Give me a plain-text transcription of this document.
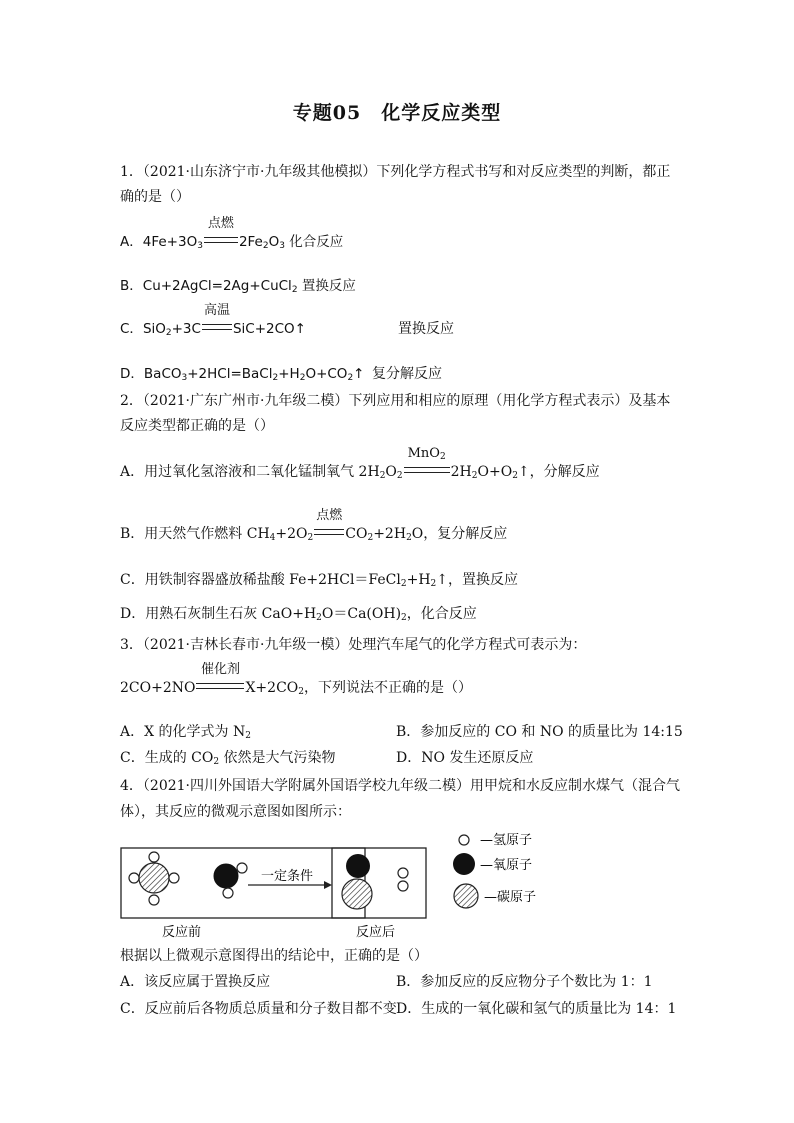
专题05　化学反应类型
1．（2021·山东济宁市·九年级其他模拟）下列化学方程式书写和对反应类型的判断，都正
确的是（）
A．$4Fe+3O_3$
点燃
$2Fe_2O_3$ 化合反应
B．Cu+2AgCl=2Ag+CuCl$_2$ 置换反应
C．SiO$_2$+3C
高温
SiC+2CO↑	置换反应
D．$BaCO_3+2HCl=BaCl_2+H_2O+CO_2↑$ 复分解反应
2．（2021·广东广州市·九年级二模）下列应用和相应的原理（用化学方程式表示）及基本
反应类型都正确的是（）
A．用过氧化氢溶液和二氧化锰制氧气 $2H_2O_2$
MnO$_2$
$2H_2O+O_2↑$，分解反应
B．用天然气作燃料 $CH_4+2O_2$
点燃
$CO_2+2H_2O$，复分解反应
C．用铁制容器盛放稀盐酸 $Fe+2HCl=FeCl_2+H_2↑$，置换反应
D．用熟石灰制生石灰 $CaO+H_2O=Ca(OH)_2$，化合反应
3．（2021·吉林长春市·九年级一模）处理汽车尾气的化学方程式可表示为：
2CO+2NO
催化剂
$X+2CO_2$，下列说法不正确的是（）
A．X 的化学式为 $N_2$	B．参加反应的 CO 和 NO 的质量比为 14:15
C．生成的 $CO_2$ 依然是大气污染物	D．NO 发生还原反应
4．（2021·四川外国语大学附属外国语学校九年级二模）用甲烷和水反应制水煤气（混合气
体），其反应的微观示意图如图所示：
一定条件
反应前	反应后
—氢原子
—氧原子
—碳原子
根据以上微观示意图得出的结论中，正确的是（）
A．该反应属于置换反应	B．参加反应的反应物分子个数比为 1：1
C．反应前后各物质总质量和分子数目都不变 D．生成的一氧化碳和氢气的质量比为 14：1
